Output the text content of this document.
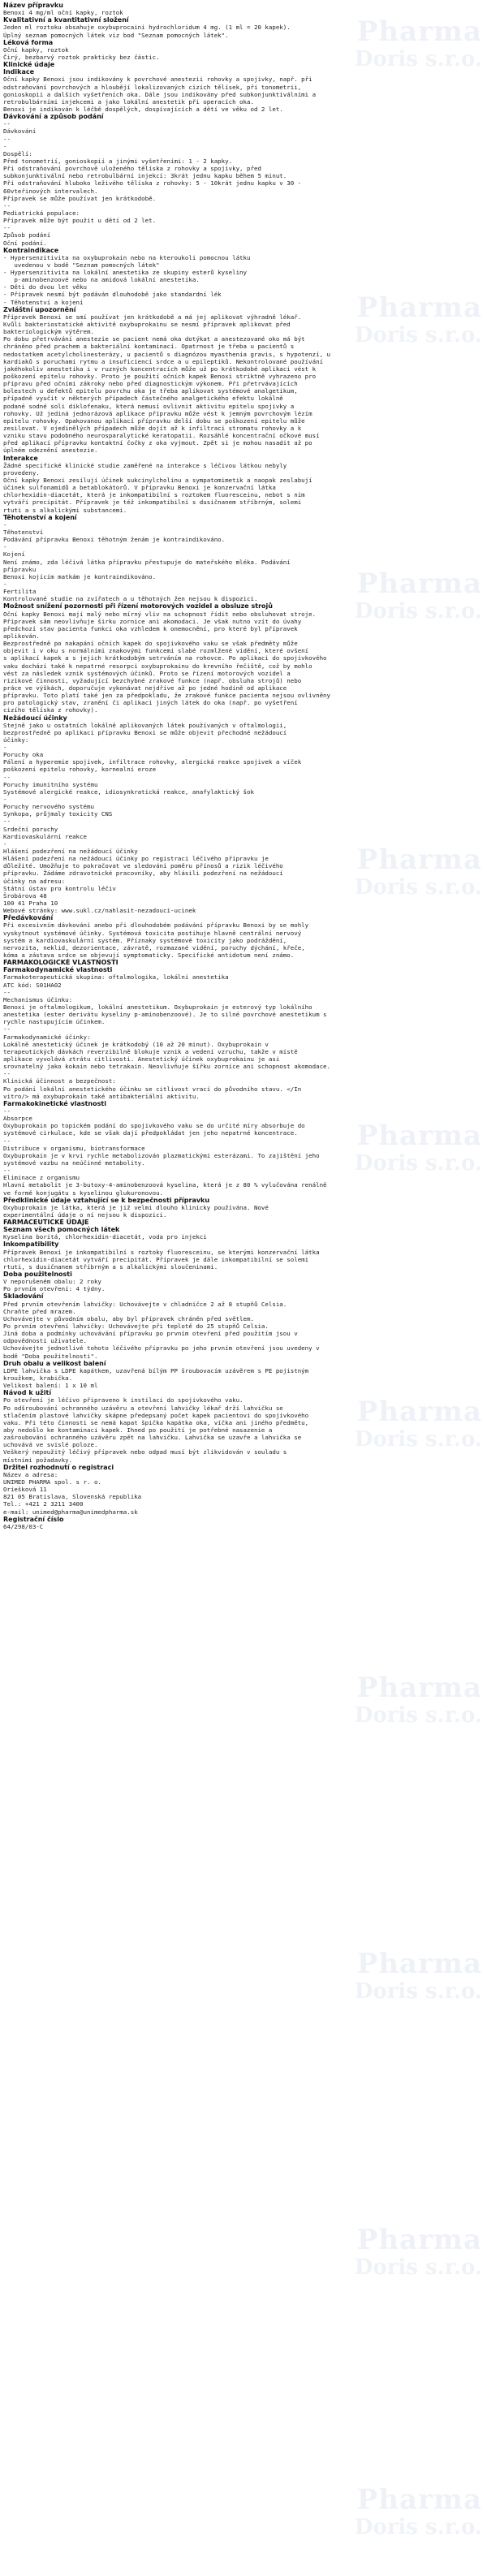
Pharma
Doris s.r.o.
Pharma
Doris s.r.o.
Pharma
Doris s.r.o.
Pharma
Doris s.r.o.
Pharma
Doris s.r.o.
Pharma
Doris s.r.o.
Pharma
Doris s.r.o.
Pharma
Doris s.r.o.
Pharma
Doris s.r.o.
Pharma
Doris s.r.o.
Název přípravku
Benoxi 4 mg/ml oční kapky, roztok
Kvalitativní a kvantitativní složení
Jeden ml roztoku obsahuje oxybuprocaini hydrochloridum 4 mg. (1 ml = 20 kapek).
Úplný seznam pomocných látek viz bod "Seznam pomocných látek".
Léková forma
Oční kapky, roztok
Čirý, bezbarvý roztok prakticky bez částic.
Klinické údaje
Indikace
Oční kapky Benoxi jsou indikovány k povrchové anestezii rohovky a spojivky, např. při
odstraňování povrchových a hloubějí lokalizovaných cizích tělísek, při tonometrii,
gonioskopii a dalších vyšetřeních oka. Dále jsou indikovány před subkonjunktiválními a
retrobulbárními injekcemi a jako lokální anestetik při operacích oka.
Benoxi je indikován k léčbě dospělých, dospívajících a dětí ve věku od 2 let.
Dávkování a způsob podání
--
Dávkování
--
-
Dospělí:
Před tonometrií, gonioskopií a jinými vyšetřeními: 1 - 2 kapky.
Při odstraňování povrchově uloženého tělíska z rohovky a spojivky, před
subkonjunktivální nebo retrobulbární injekcí: 3krát jednu kapku během 5 minut.
Při odstraňování hluboko leživého tělíska z rohovky: 5 - 10krát jednu kapku v 30 -
60vteřinových intervalech.
Přípravek se může používat jen krátkodobě.
--
Pediatrická populace:
Přípravek může být použit u dětí od 2 let.
--
Způsob podání
Oční podání.
Kontraindikace
- Hypersenzitivita na oxybuprokain nebo na kteroukoli pomocnou látku
uvedenou v bodě "Seznam pomocných látek"
- Hypersenzitivita na lokální anestetika ze skupiny esterů kyseliny
p-aminobenzoové nebo na amidová lokální anestetika.
- Děti do dvou let věku
- Přípravek nesmí být podáván dlouhodobě jako standardní lék
- Těhotenství a kojení
Zvláštní upozornění
Přípravek Benoxi se smí používat jen krátkodobě a má jej aplikovat výhradně lékař.
Kvůli bakteriostatické aktivitě oxybuprokainu se nesmí přípravek aplikovat před
bakteriologickým výtěrem.
Po dobu přetrvávání anestezie se pacient nemá oka dotýkat a anestezované oko má být
chráněno před prachem a bakteriální kontaminací. Opatrnost je třeba u pacientů s
nedostatkem acetylcholinesterázy, u pacientů s diagnózou myasthenia gravis, s hypotenzí, u
kardiaků s poruchami rytmu a insuficiencí srdce a u epileptiků. Nekontrolované používání
jakéhokoliv anestetika i v ruzných koncentracích může už po krátkodobé aplikaci vést k
poškození epitelu rohovky. Proto je použití očních kapek Benoxi striktně vyhrazeno pro
přípravu před očními zákroky nebo před diagnostickým výkonem. Při přetrvávajících
bolestech u defektů epitelu povrchu oka je třeba aplikovat systémové analgetikum,
případně vyučit v některých případech částečného analgetického efektu lokálně
podané sodné soli diklofenaku, která nemusí ovlivnit aktivitu epitelu spojivky a
rohovky. Už jediná jednorázová aplikace přípravku může vést k jemným povrchovým lézím
epitelu rohovky. Opakovanou aplikací přípravku delší dobu se poškození epitelu může
zesilovat. V ojedinělých případech může dojít až k infiltraci stromatu rohovky a k
vzniku stavu podobného neurosparalytické keratopatii. Rozsáhlé koncentrační očkové musí
před aplikací přípravku kontaktní čočky z oka vyjmout. Zpět si je mohou nasadit až po
úplném odeznění anestezie.
Interakce
Žádné specifické klinické studie zaměřené na interakce s léčivou látkou nebyly
provedeny.
Oční kapky Benoxi zesilují účinek sukcinylcholinu a sympatomimetik a naopak zeslabují
účinek sulfonamidů a betablokátorů. V přípravku Benoxi je konzervační látka
chlorhexidin-diacetát, která je inkompatibilní s roztokem fluoresceinu, nebot s ním
vytváří precipitát. Přípravek je též inkompatibilní s dusičnanem stříbrným, solemi
rtuti a s alkalickými substancemi.
Těhotenství a kojení
-
Těhotenství
Podávání přípravku Benoxi těhotným ženám je kontraindikováno.
-
Kojení
Není známo, zda léčivá látka přípravku přestupuje do mateřského mléka. Podávání
přípravku
Benoxi kojícím matkám je kontraindikováno.
-
Fertilita
Kontrolované studie na zvířatech a u těhotných žen nejsou k dispozici.
Možnost snížení pozornosti při řízení motorových vozidel a obsluze strojů
Oční kapky Benoxi mají malý nebo mírný vliv na schopnost řídit nebo obsluhovat stroje.
Přípravek sám neovlivňuje širku zornice ani akomodaci. Je však nutno vzít do úvahy
předchozí stav pacienta funkci oka vzhledem k onemocnění, pro které byl přípravek
aplikován.
Bezprostředně po nakapání očních kapek do spojivkového vaku se však předměty může
objevit i v oku s normálními znakovými funkcemi slabé rozmlžené vidění, které ovšení
s aplikací kapek a s jejich krátkodobým setrváním na rohovce. Po aplikaci do spojivkového
vaku dochází také k nepatrné resorpci oxybuprokainu do krevního řečiště, což by mohlo
vést za následek vznik systémových účinků. Proto se řízení motorových vozidel a
rizikové činnosti, vyžadující bezchybné zrakové funkce (např. obsluha strojů) nebo
práce ve výškách, doporučuje vykonávat nejdříve až po jedné hodině od aplikace
přípravku. Toto platí také jen za předpokladu, že zrakové funkce pacienta nejsou ovlivněny
pro patologický stav, zranění či aplikaci jiných látek do oka (např. po vyšetření
cizího tělíska z rohovky).
Nežádoucí účinky
Stejně jako u ostatních lokálně aplikovaných látek používaných v oftalmologii,
bezprostředně po aplikaci přípravku Benoxi se může objevit přechodné nežádoucí
účinky:
-
Poruchy oka
Pálení a hyperemie spojivek, infiltrace rohovky, alergická reakce spojivek a víček
poškození epitelu rohovky, kornealní eroze
--
Poruchy imunitního systému
Systémové alergické reakce, idiosynkratická reakce, anafylaktický šok
-
Poruchy nervového systému
Synkopa, průjmaly toxicity CNS
--
Srdeční poruchy
Kardiovaskulární reakce
-
Hlášení podezření na nežádoucí účinky
Hlášení podezření na nežádoucí účinky po registraci léčivého přípravku je
důležité. Umožňuje to pokračovat ve sledování poměru přínosů a rizik léčivého
přípravku. Žádáme zdravotnické pracovníky, aby hlásili podezření na nežádoucí
účinky na adresu:
Státní ústav pro kontrolu léčiv
Šrobárova 48
100 41 Praha 10
Webové stránky: www.sukl.cz/nahlasit-nezadouci-ucinek
Předávkování
Při excesivním dávkování anebo při dlouhodobém podávání přípravku Benoxi by se mohly
vyskytnout systémové účinky. Systémová toxicita postihuje hlavně centrální nervový
systém a kardiovaskulární systém. Příznaky systémové toxicity jako podráždění,
nervozita, neklid, dezorientace, závratě, rozmazané vidění, poruchy dýchání, křeče,
kóma a zástava srdce se objevují symptomaticky. Specifické antidotum není známo.
FARMAKOLOGICKÉ VLASTNOSTI
Farmakodynamické vlastnosti
Farmakoterapeutická skupina: oftalmologika, lokální anestetika
ATC kód: S01HA02
--
Mechanismus účinku:
Benoxi je oftalmologikum, lokální anestetikum. Oxybuprokain je esterový typ lokálního
anestetika (ester derivátu kyseliny p-aminobenzoové). Je to silné povrchové anestetikum s
rychle nastupujícím účinkem.
--
Farmakodynamické účinky:
Lokálně anestetický účinek je krátkodobý (10 až 20 minut). Oxybuprokain v
terapeutických dávkách reverzibilně blokuje vznik a vedení vzruchu, takže v místě
aplikace vyvolává ztrátu citlivosti. Anestetický účinek oxybuprokainu je asi
srovnatelný jako kokain nebo tetrakain. Neovlivňuje šířku zornice ani schopnost akomodace.
--
Klinická účinnost a bezpečnost:
Po podání lokální anestetického účinku se citlivost vrací do původního stavu. </In
vitro/> má oxybuprokain také antibakteriální aktivitu.
Farmakokinetické vlastnosti
--
Absorpce
Oxybuprokain po topickém podání do spojivkového vaku se do určité míry absorbuje do
systémové cirkulace, kde se však dají předpokládat jen jeho nepatrné koncentrace.
--
Distribuce v organismu, biotransformace
Oxybuprokain je v krvi rychle metabolizován plazmatickými esterázami. To zajištění jeho
systémové vazbu na neúčinné metabolity.
--
Eliminace z organismu
Hlavní metabolit je 3-butoxy-4-aminobenzoová kyselina, která je z 80 % vylučována renálně
ve formě konjugátu s kyselinou glukuronovou.
Předklinické údaje vztahující se k bezpečnosti přípravku
Oxybuprokain je látka, která je již velmi dlouho klinicky používána. Nové
experimentální údaje o ní nejsou k dispozici.
FARMACEUTICKÉ ÚDAJE
Seznam všech pomocných látek
Kyselina boritá, chlorhexidin-diacetát, voda pro injekci
Inkompatibility
Přípravek Benoxi je inkompatibilní s roztoky fluoresceinu, se kterými konzervační látka
chlorhexidin-diacetát vytváří precipitát. Přípravek je dále inkompatibilní se solemi
rtuti, s dusičnanem stříbrným a s alkalickými sloučeninami.
Doba použitelnosti
V neporušeném obalu: 2 roky
Po prvním otevření: 4 týdny.
Skladování
Před prvním otevřením lahvičky: Uchovávejte v chladničce 2 až 8 stupňů Celsia.
Chraňte před mrazem.
Uchovávejte v původním obalu, aby byl přípravek chráněn před světlem.
Po prvním otevření lahvičky: Uchovávejte při teplotě do 25 stupňů Celsia.
Jiná doba a podmínky uchovávání přípravku po prvním otevření před použitím jsou v
odpovědnosti uživatele.
Uchovávejte jednotlivé tohoto léčivého přípravku po jeho prvním otevření jsou uvedeny v
bodě "Doba použitelnosti".
Druh obalu a velikost balení
LDPE lahvička s LDPE kapátkem, uzavřená bílým PP šroubovacím uzávěrem s PE pojistným
kroužkem, krabička.
Velikost balení: 1 x 10 ml
Návod k užití
Po otevření je léčivo připraveno k instilaci do spojivkového vaku.
Po odšroubování ochranného uzávěru a otevření lahvičky lékař drží lahvičku se
stlačením plastové lahvičky skápne předepsaný počet kapek pacientovi do spojivkového
vaku. Při této činnosti se nemá kapat špička kapátka oka, víčka ani jiného předmětu,
aby nedošlo ke kontaminaci kapek. Ihned po použití je potřebné nasazenie a
zašroubování ochranného uzávěru zpět na lahvičku. Lahvička se uzavře a lahvička se
uchovává ve svislé poloze.
Veškerý nepoužitý léčivý přípravek nebo odpad musí být zlikvidován v souladu s
místními požadavky.
Držitel rozhodnutí o registraci
Název a adresa:
UNIMED PHARMA spol. s r. o.
Oriešková 11
821 05 Bratislava, Slovenská republika
Tel.: +421 2 3211 3400
e-mail: unimed@pharma@unimedpharma.sk
Registrační číslo
64/298/03-C
